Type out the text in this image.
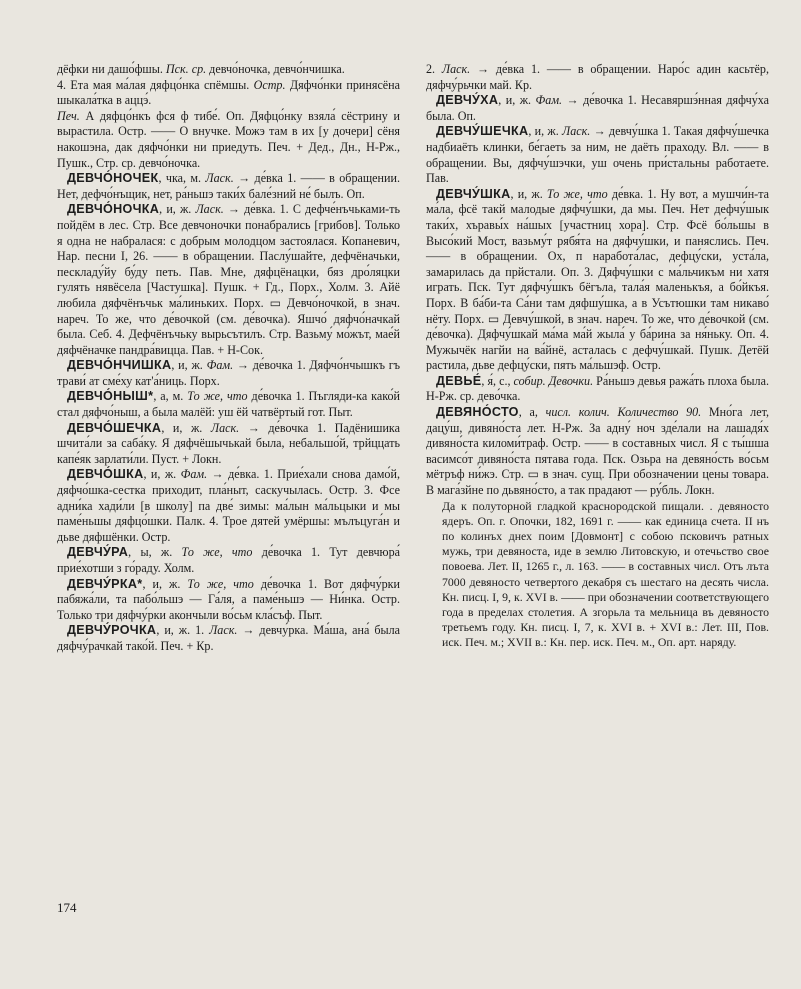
дёфки ни дашо́фшы. Пск. ср. девчо́ночка, девчо́нчишка.

4. Ета мая ма́лая дяфцо́нка спёмшы. Остр. Дяфчо́нки принясёна шыкала́тка в аццэ́.

Печ. А дяфцо́нкъ фся ф тибе́. Оп. Дяфцо́нку взяла́ сёстрину и вырастила. Остр. —— О внучке. Можэ там в их [у дочери] сёня накошэна, дак дяфчо́нки ни приедуть. Печ. + Дед., Дн., Н-Рж., Пушк., Стр. ср. девчо́ночка.

ДЕВЧО́НОЧЕК, чка, м. Ласк. → де́вка 1. —— в обращении. Нет, дефчо́нъщик, нет, ра́ньшэ таки́х бале́зний не́ былъ. Оп.

ДЕВЧО́НОЧКА, и, ж. Ласк. → де́вка. 1. С дефче́нъчьками-ть пойдём в лес. Стр. Все девчоночки понабрались [грибов]. Только я одна не набралася: с добрым молодцом застоялася. Копаневич, Нар. песни I, 26. —— в обращении. Паслу́шайте, дефчёначьки, пескладу́йу бу́ду петь. Пав. Мне, дяфцёнацки, бяз дро́ляцки гулять нявёсела [Частушка]. Пушк. + Гд., Порх., Холм. 3. Айё любила дяфчёнъчьк ма́линьких. Порх. ▭ Девчо́ночкой, в знач. нареч. То же, что де́вочкой (см. де́вочка). Яшчо́ дяфчо́начкай была. Себ. 4. Дефчёнъчьку вырьсътилъ. Стр. Вазьму́ мо́жът, мае́й дяфчёначке пандра́вицца. Пав. + Н-Сок.

ДЕВЧО́НЧИШКА, и, ж. Фам. → де́вочка 1. Дяфчо́нчышкъ гъ трави́ ат сме́ху кат'а́ниць. Порх.

ДЕВЧО́НЫШ*, а, м. То же, что де́вочка 1. Пъгляди-ка како́й стал дяфчо́ныш, а была малёй: уш ёй чатвёртый гот. Пыт.

ДЕВЧО́ШЕЧКА, и, ж. Ласк. → де́вочка 1. Падёнишика шчита́ли за саба́ку. Я дяфчёшычькай была, небальшо́й, трйццать капе́як зарлати́ли. Пуст. + Локн.

ДЕВЧО́ШКА, и, ж. Фам. → де́вка. 1. Прие́хали снова дамо́й, дяфчо́шка-сестка приходит, пла́ныт, саскучылась. Остр. 3. Фсе адни́ка хади́ли [в школу] па две́ зимы: ма́лын ма́льцыки и мы паме́ньшы дяфцо́шки. Палк. 4. Трое дятей умёршы: мълъцуга́н и дьве дяфшёнки. Остр.

ДЕВЧУ́РА, ы, ж. То же, что де́вочка 1. Тут девчюра́ прие́хотши з го́раду. Холм.

ДЕВЧУ́РКА*, и, ж. То же, что де́вочка 1. Вот дяфчу́рки пабяжа́ли, та пабо́льшэ — Га́ля, а паме́ньшэ — Ни́нка. Остр. Только три дяфчу́рки акончыли во́сьм кла́съф. Пыт.

ДЕВЧУ́РОЧКА, и, ж. 1. Ласк. → девчу́рка. Ма́ша, ана́ была дяфчу́рачкай тако́й. Печ. + Кр.

2. Ласк. → де́вка 1. —— в обращении. Наро́с адин касьтёр, дяфчу́рьчки май. Кр.

ДЕВЧУ́ХА, и, ж. Фам. → де́вочка 1. Несавяршэ́нная дяфчу́ха была. Оп.

ДЕВЧУ́ШЕЧКА, и, ж. Ласк. → девчу́шка 1. Такая дяфчу́шечка надбиаёть клинки, бе́гаеть за ним, не даёть праходу. Вл. —— в обращении. Вы, дяфчу́шэчки, уш очень при́стальны работаете. Пав.

ДЕВЧУ́ШКА, и, ж. То же, что де́вка. 1. Ну вот, а мушчи́н-та ма́ла, фсё такй малодые дяфчу́шки, да мы. Печ. Нет дефчу́шык таки́х, хъравы́х на́шых [участниц хора]. Стр. Фсё бо́льшы в Высо́кий Мост, вазьму́т рябя́та на дяфчу́шки, и паняслись. Печ. —— в обращении. Ох, п наработа́лас, дефцу́ски, уста́ла, замарилась да прйстали. Оп. 3. Дяфчу́шки с ма́льчикъм ни хатя играть. Пск. Тут дяфчу́шкъ бёгъла, тала́я маленькъя, а бо́йкъя. Порх. В ба́би-та Са́ни там дяфшу́шка, а в Усътюшки там никаво́ нёту. Порх. ▭ Девчу́шкой, в знач. нареч. То же, что де́вочкой (см. де́вочка). Дяфчу́шкай ма́ма ма́й жыла́ у ба́рина за ня́ньку. Оп. 4. Мужычёк нагйи на ва́йнё, асталась с дефчу́шкай. Пушк. Детёй растила, дьве дефцу́ски, пять ма́льшэф. Остр.

ДЕВЬЕ́, я́, с., собир. Девочки. Ра́ньшэ девья ража́ть плоха была. Н-Рж. ср. дево́чка.

ДЕВЯНО́СТО, а, числ. колич. Количество 90. Мно́га лет, дацу́ш, дивяно́ста лет. Н-Рж. За адну́ ноч зде́лали на лашадя́х дивяно́ста киломи́траф. Остр. —— в составных числ. Я с ты́шша васимсо́т дивяно́ста пятава года. Пск. Озьра на девяно́сть во́сьм мётръф ни́жэ. Стр. ▭ в знач. сущ. При обозначении цены товара. В мага́зйне по дьвяно́сто, а так прадают — ру́бль. Локн.

Да к полуторной гладкой краснородской пищали. . девяносто ядеръ. Оп. г. Опочки, 182, 1691 г. —— как единица счета. II нъ по колинъх днех поим [Довмонт] с собою псковичъ ратных мужь, три девяноста, иде в землю Литовскую, и отечьство свое повоева. Лет. II, 1265 г., л. 163. —— в составных числ. Отъ лъта 7000 девяносто четвертого декабря съ шестаго на десять числа. Кн. писц. I, 9, к. XVI в. —— при обозначении соответствующего года в пределах столетия. А згорьла та мельница въ девяносто третьемъ году. Кн. писц. I, 7, к. XVI в. + XVI в.: Лет. III, Пов. иск. Печ. м.; XVII в.: Кн. пер. иск. Печ. м., Оп. арт. наряду.

174
